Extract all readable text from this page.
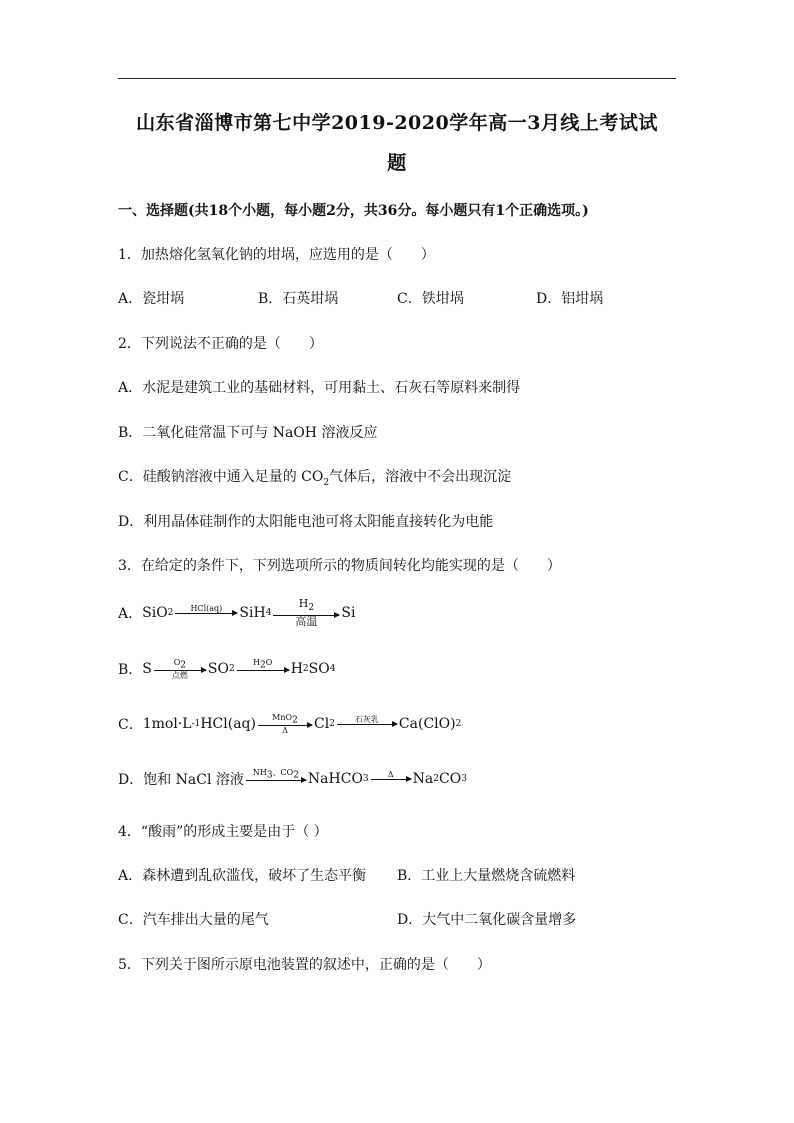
山东省淄博市第七中学2019-2020学年高一3月线上考试试
题
一、选择题(共18个小题，每小题2分，共36分。每小题只有1个正确选项。)
1．加热熔化氢氧化钠的坩埚，应选用的是（　　）
A．瓷坩埚	B．石英坩埚	C．铁坩埚	D．铝坩埚
2．下列说法不正确的是（　　）
A．水泥是建筑工业的基础材料，可用黏土、石灰石等原料来制得
B．二氧化硅常温下可与 NaOH 溶液反应
C．硅酸钠溶液中通入足量的 $CO_2$气体后，溶液中不会出现沉淀
D．利用晶体硅制作的太阳能电池可将太阳能直接转化为电能
3．在给定的条件下，下列选项所示的物质间转化均能实现的是（　　）
A． SiO 2 HCl(aq) SiH 4
$H_2$
高温
Si
B． S	$O_2$
点燃 SO 2
$H_2O$ H 2 SO 4
C． 1mol·L -1 HCl(aq) MnO$_2$
Δ Cl 2	石灰乳 Ca(ClO) 2
D． 饱和 NaCl 溶液 $NH_3$、$CO_2$ NaHCO 3 Δ Na 2 CO 3
4．“酸雨”的形成主要是由于（ ）
A．森林遭到乱砍滥伐，破坏了生态平衡 B．工业上大量燃烧含硫燃料
C．汽车排出大量的尾气	D．大气中二氧化碳含量增多
5．下列关于图所示原电池装置的叙述中，正确的是（　　）
